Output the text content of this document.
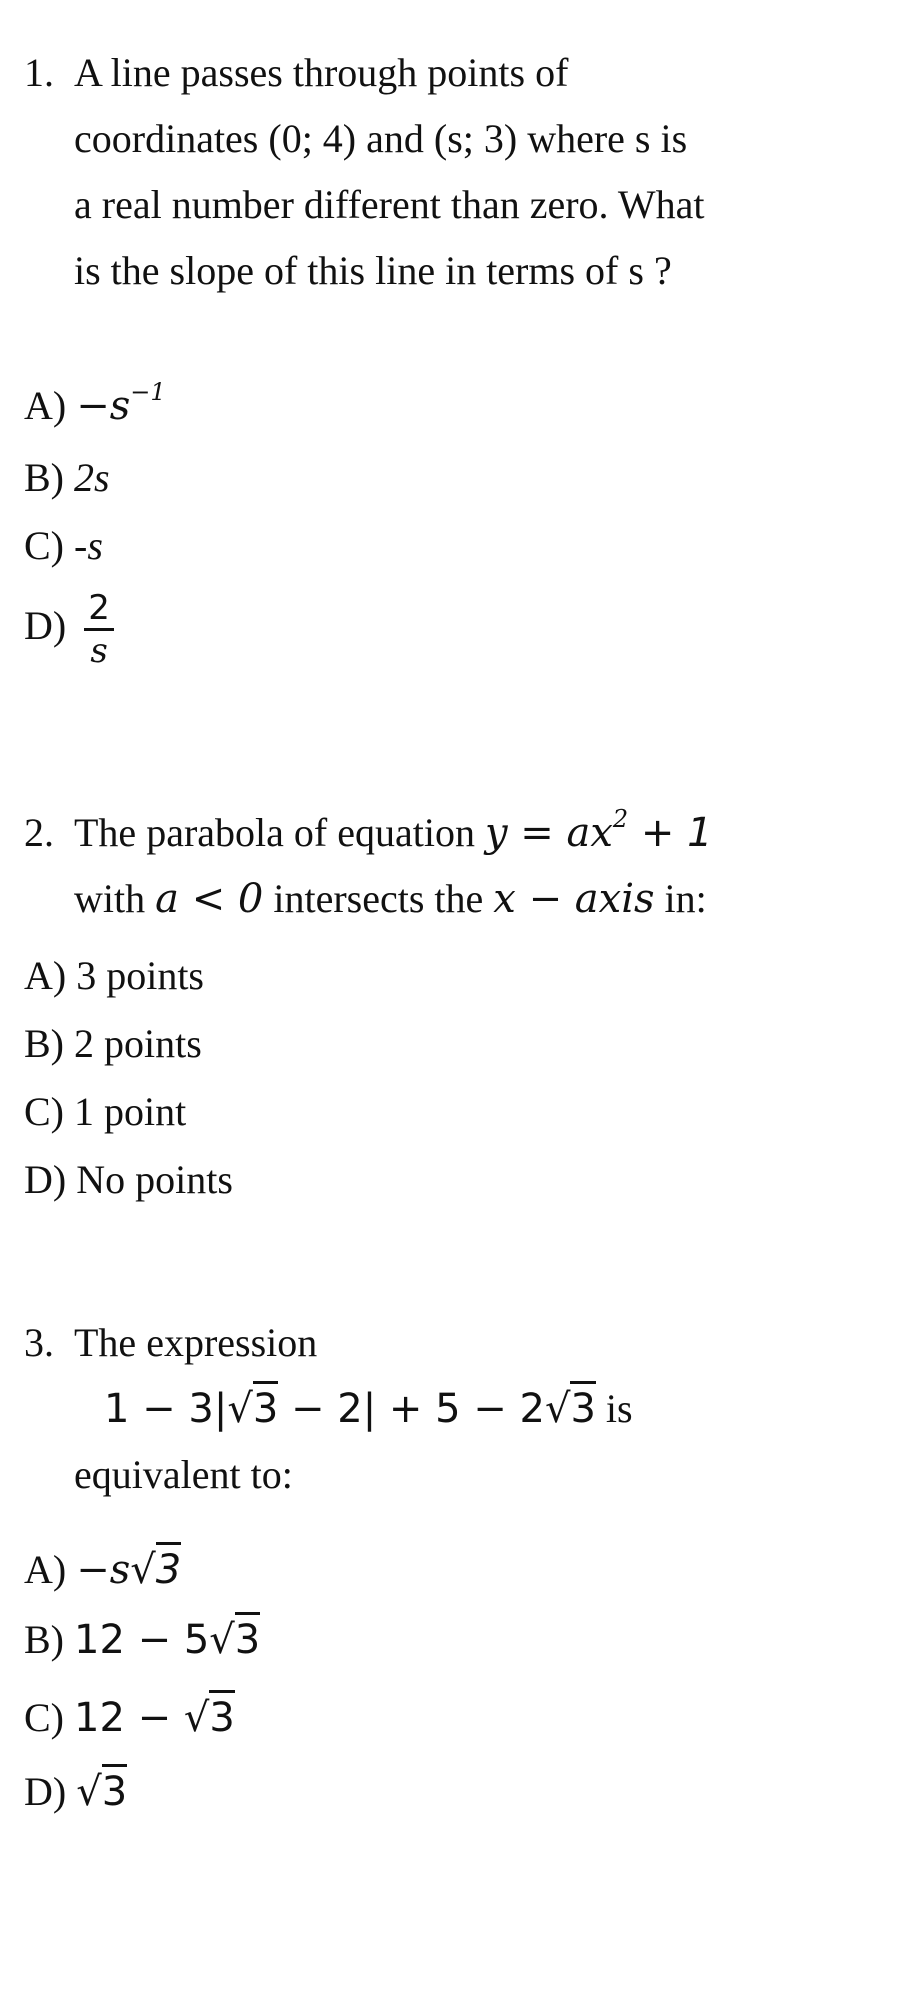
1. A line passes through points of
coordinates (0; 4) and (s; 3) where s is
a real number different than zero. What
is the slope of this line in terms of s ?
$A) -s^{-1}$
B) 2s
C) -s
$D) \frac{2}{s}$
2. The parabola of equation $y = ax^2 + 1$
with a < 0 intersects the x − axis in:
A) 3 points
B) 2 points
C) 1 point
D) No points
3. The expression
1 − 3|√3 − 2| + 5 − 2√3 is
equivalent to:
A) −s√3
B) 12 − 5√3
C) 12 − √3
D) √3
